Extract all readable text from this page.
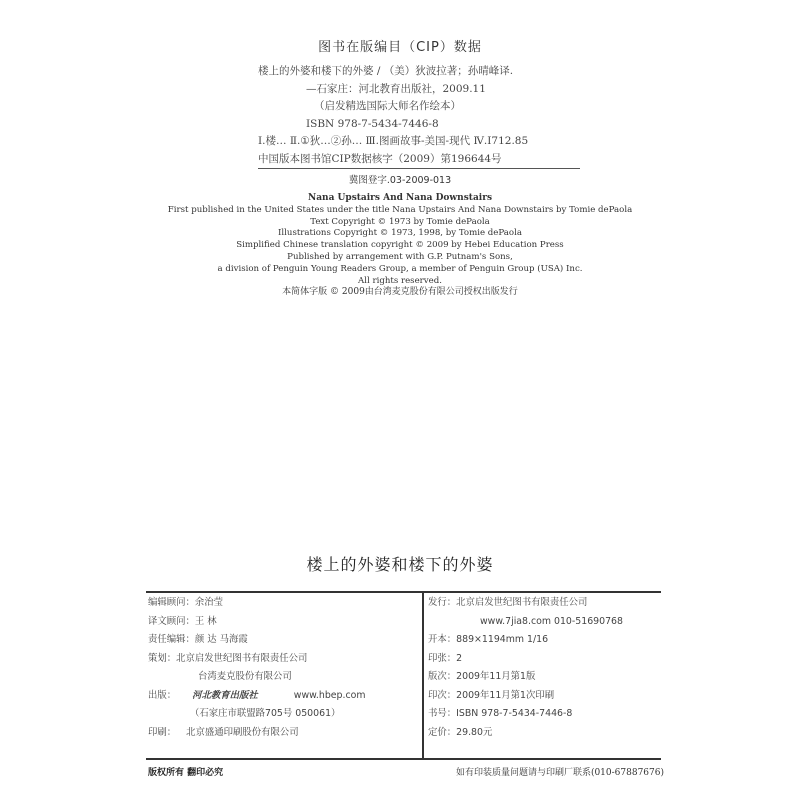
图书在版编目（CIP）数据
楼上的外婆和楼下的外婆 / （美）狄波拉著；孙晴峰译.
—石家庄：河北教育出版社，2009.11
（启发精选国际大师名作绘本）
ISBN 978-7-5434-7446-8
Ⅰ.楼… Ⅱ.①狄…②孙… Ⅲ.图画故事-美国-现代 Ⅳ.I712.85
中国版本图书馆CIP数据核字（2009）第196644号
冀图登字.03-2009-013
Nana Upstairs And Nana Downstairs
First published in the United States under the title Nana Upstairs And Nana Downstairs by Tomie dePaola
Text Copyright © 1973 by Tomie dePaola
Illustrations Copyright © 1973, 1998, by Tomie dePaola
Simplified Chinese translation copyright © 2009 by Hebei Education Press
Published by arrangement with G.P. Putnam's Sons,
a division of Penguin Young Readers Group, a member of Penguin Group (USA) Inc.
All rights reserved.
本简体字版 © 2009由台湾麦克股份有限公司授权出版发行
楼上的外婆和楼下的外婆
编辑顾问：余治莹
译文顾问：王 林
责任编辑：颜 达 马海霞
策划：北京启发世纪图书有限责任公司
台湾麦克股份有限公司
出版： 河北教育出版社	www.hbep.com
（石家庄市联盟路705号 050061）
印刷： 北京盛通印刷股份有限公司
发行：北京启发世纪图书有限责任公司
www.7jia8.com 010-51690768
开本：889×1194mm 1/16
印张：2
版次：2009年11月第1版
印次：2009年11月第1次印刷
书号：ISBN 978-7-5434-7446-8
定价：29.80元
版权所有 翻印必究	如有印装质量问题请与印刷厂联系(010-67887676)
